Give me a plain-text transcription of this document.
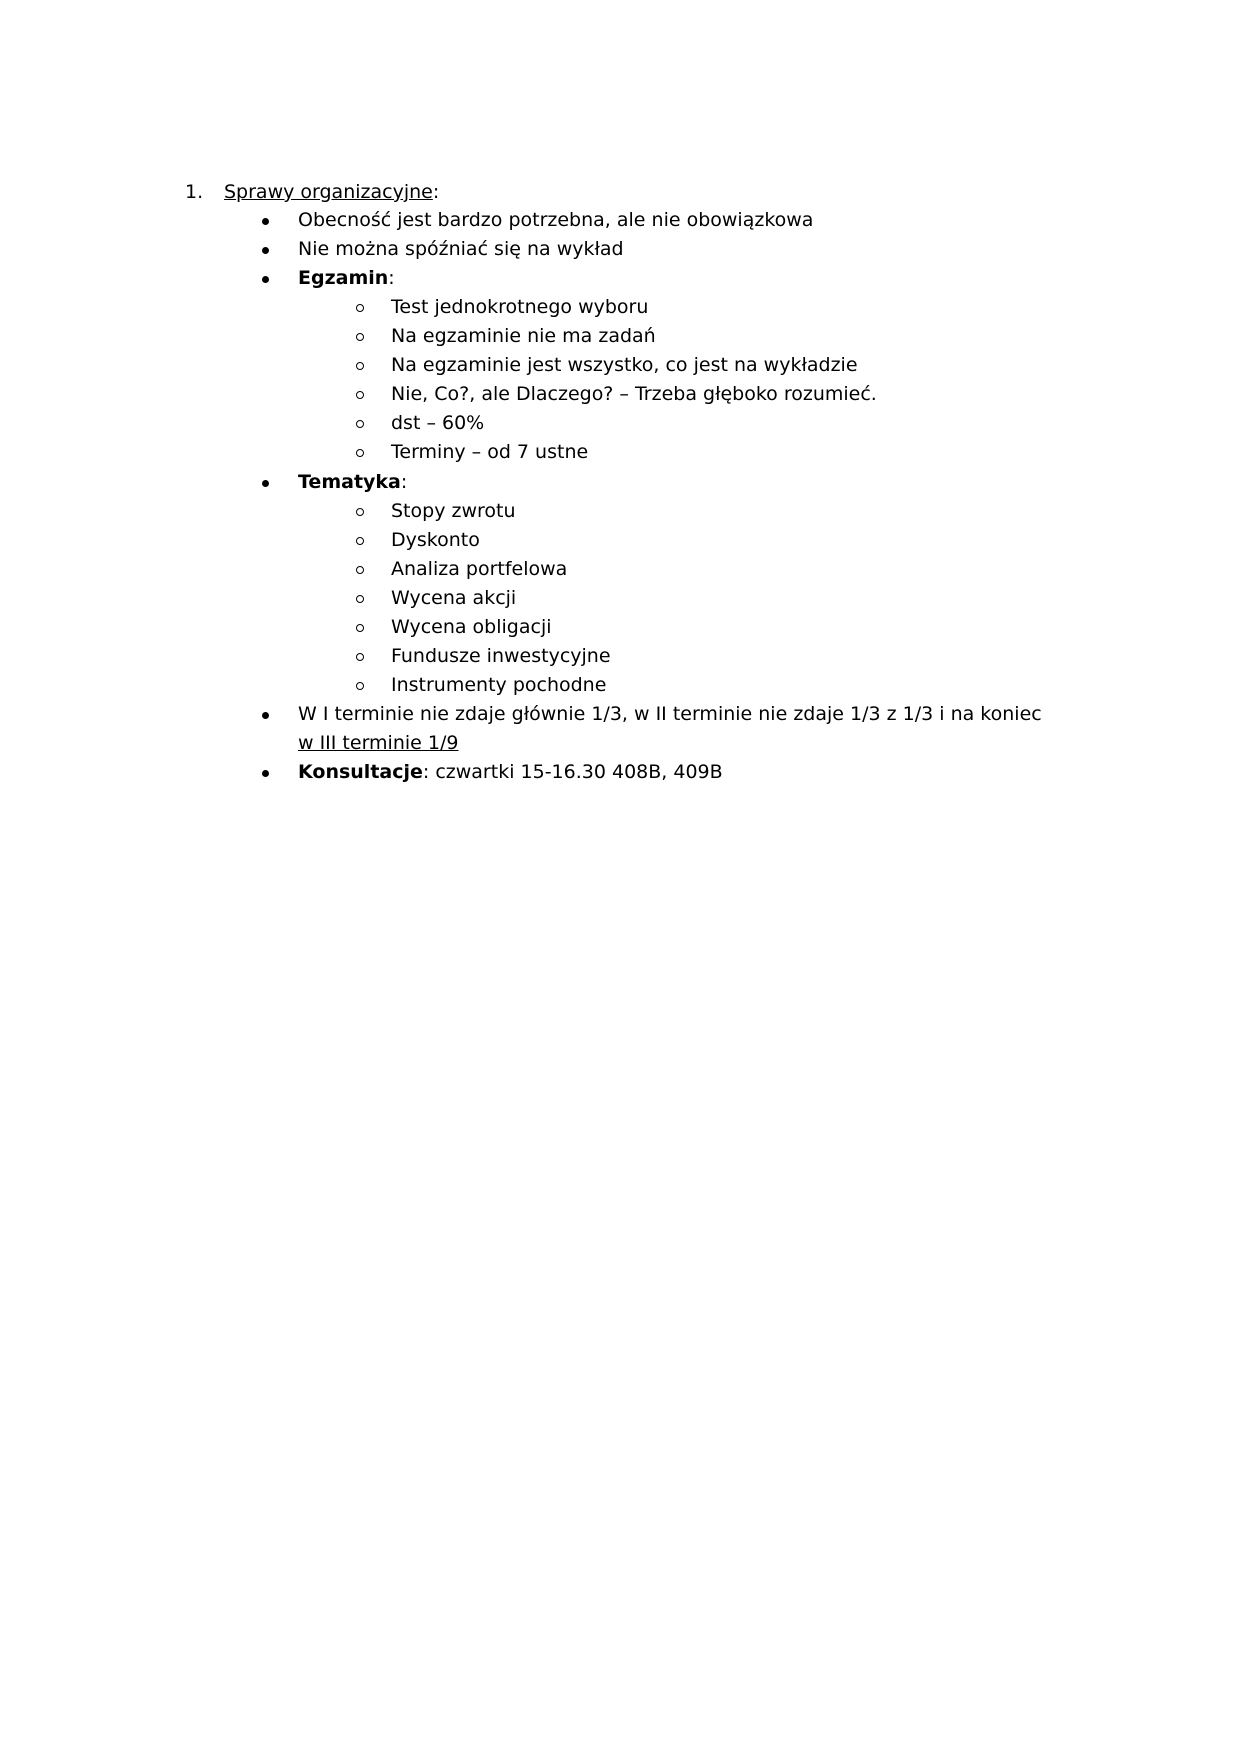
1. Sprawy organizacyjne:
Obecność jest bardzo potrzebna, ale nie obowiązkowa
Nie można spóźniać się na wykład
Egzamin:
Test jednokrotnego wyboru
Na egzaminie nie ma zadań
Na egzaminie jest wszystko, co jest na wykładzie
Nie, Co?, ale Dlaczego? – Trzeba głęboko rozumieć.
dst – 60%
Terminy – od 7 ustne
Tematyka:
Stopy zwrotu
Dyskonto
Analiza portfelowa
Wycena akcji
Wycena obligacji
Fundusze inwestycyjne
Instrumenty pochodne
W I terminie nie zdaje głównie 1/3, w II terminie nie zdaje 1/3 z 1/3 i na koniec
w III terminie 1/9
Konsultacje: czwartki 15-16.30 408B, 409B
